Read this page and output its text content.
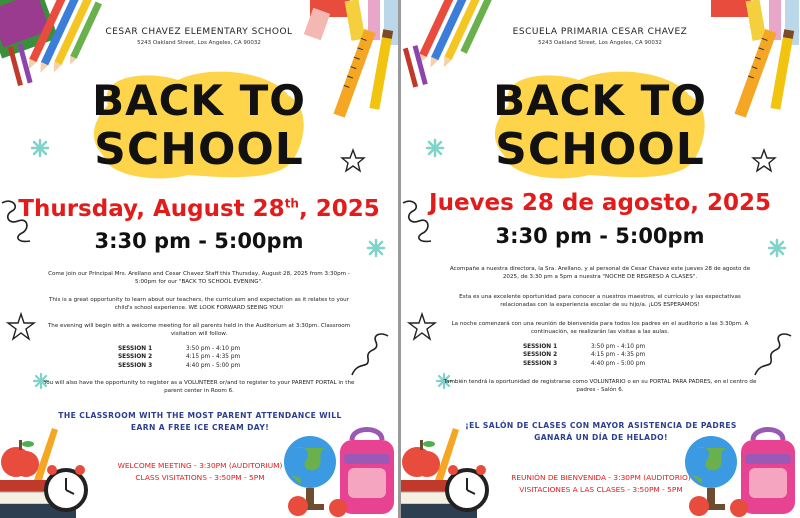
CESAR CHAVEZ ELEMENTARY SCHOOL
5243 Oakland Street, Los Angeles, CA 90032
BACK TO
SCHOOL
Thursday, August 28th, 2025
3:30 pm - 5:00pm
Come join our Principal Mrs. Arellano and Cesar Chavez Staff this Thursday, August 28, 2025 from 3:30pm - 5:00pm for our "BACK TO SCHOOL EVENING".
This is a great opportunity to learn about our teachers, the curriculum and expectation as it relates to your child's school experience. WE LOOK FORWARD SEEING YOU!
The evening will begin with a welcome meeting for all parents held in the Auditorium at 3:30pm. Classroom visitation will follow.
SESSION 1	3:50 pm - 4:10 pm
SESSION 2	4:15 pm - 4:35 pm
SESSION 3	4:40 pm - 5:00 pm
You will also have the opportunity to register as a VOLUNTEER or/and to register to your PARENT PORTAL in the parent center in Room 6.
THE CLASSROOM WITH THE MOST PARENT ATTENDANCE WILL
EARN A FREE ICE CREAM DAY!
WELCOME MEETING - 3:30PM (AUDITORIUM)
CLASS VISITATIONS - 3:50PM - 5PM
ESCUELA PRIMARIA CESAR CHAVEZ
5243 Oakland Street, Los Angeles, CA 90032
BACK TO
SCHOOL
Jueves 28 de agosto, 2025
3:30 pm - 5:00pm
Acompañe a nuestra directora, la Sra. Arellano, y al personal de Cesar Chavez este jueves 28 de agosto de 2025, de 3:30 pm a 5pm a nuestra "NOCHE DE REGRESO A CLASES".
Esta es una excelente oportunidad para conocer a nuestros maestros, el currículo y las expectativas relacionadas con la experiencia escolar de su hijo/a. ¡LOS ESPERAMOS!
La noche comenzará con una reunión de bienvenida para todos los padres en el auditorio a las 3:30pm. A continuación, se realizarán las visitas a las aulas.
SESSION 1	3:50 pm - 4:10 pm
SESSION 2	4:15 pm - 4:35 pm
SESSION 3	4:40 pm - 5:00 pm
También tendrá la oportunidad de registrarse como VOLUNTARIO o en su PORTAL PARA PADRES, en el centro de padres - Salón 6.
¡EL SALÓN DE CLASES CON MAYOR ASISTENCIA DE PADRES
GANARÁ UN DÍA DE HELADO!
REUNIÓN DE BIENVENIDA - 3:30PM (AUDITORIO)
VISITACIONES A LAS CLASES - 3:50PM - 5PM
